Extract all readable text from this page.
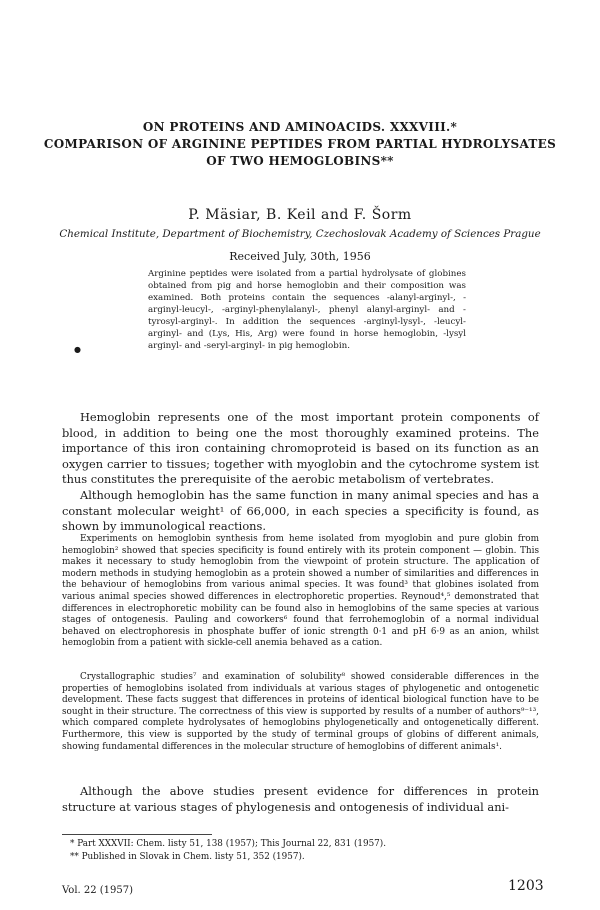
ON PROTEINS AND AMINOACIDS. XXXVIII.*
COMPARISON OF ARGININE PEPTIDES FROM PARTIAL HYDROLYSATES
OF TWO HEMOGLOBINS**
P. Mäsiar, B. Keil and F. Šorm
Chemical Institute, Department of Biochemistry, Czechoslovak Academy of Sciences Prague
Received July, 30th, 1956
Arginine peptides were isolated from a partial hydrolysate of globines obtained from pig and horse hemoglobin and their composition was examined. Both proteins contain the sequences -alanyl-arginyl-, -arginyl-leucyl-, -arginyl-phenylalanyl-, phenyl alanyl-arginyl- and -tyrosyl-arginyl-. In addition the sequences -arginyl-lysyl-, -leucyl-arginyl- and (Lys, His, Arg) were found in horse hemoglobin, -lysyl arginyl- and -seryl-arginyl- in pig hemoglobin.
●

Hemoglobin represents one of the most important protein components of blood, in addition to being one the most thoroughly examined proteins. The importance of this iron containing chromoproteid is based on its function as an oxygen carrier to tissues; together with myoglobin and the cytochrome system ist thus constitutes the prerequisite of the aerobic metabolism of vertebrates.

Although hemoglobin has the same function in many animal species and has a constant molecular weight¹ of 66,000, in each species a specificity is found, as shown by immunological reactions.

Experiments on hemoglobin synthesis from heme isolated from myoglobin and pure globin from hemoglobin² showed that species specificity is found entirely with its protein component — globin. This makes it necessary to study hemoglobin from the viewpoint of protein structure. The application of modern methods in studying hemoglobin as a protein showed a number of similarities and differences in the behaviour of hemoglobins from various animal species. It was found³ that globines isolated from various animal species showed differences in electrophoretic properties. Reynoud⁴,⁵ demonstrated that differences in electrophoretic mobility can be found also in hemoglobins of the same species at various stages of ontogenesis. Pauling and coworkers⁶ found that ferrohemoglobin of a normal individual behaved on electrophoresis in phosphate buffer of ionic strength 0·1 and pH 6·9 as an anion, whilst hemoglobin from a patient with sickle-cell anemia behaved as a cation.

Crystallographic studies⁷ and examination of solubility⁸ showed considerable differences in the properties of hemoglobins isolated from individuals at various stages of phylogenetic and ontogenetic development. These facts suggest that differences in proteins of identical biological function have to be sought in their structure. The correctness of this view is supported by results of a number of authors⁹⁻¹³, which compared complete hydrolysates of hemoglobins phylogenetically and ontogenetically different. Furthermore, this view is supported by the study of terminal groups of globins of different animals, showing fundamental differences in the molecular structure of hemoglobins of different animals¹.

Although the above studies present evidence for differences in protein structure at various stages of phylogenesis and ontogenesis of individual ani-

* Part XXXVII: Chem. listy 51, 138 (1957); This Journal 22, 831 (1957).
** Published in Slovak in Chem. listy 51, 352 (1957).
Vol. 22 (1957)	1203
